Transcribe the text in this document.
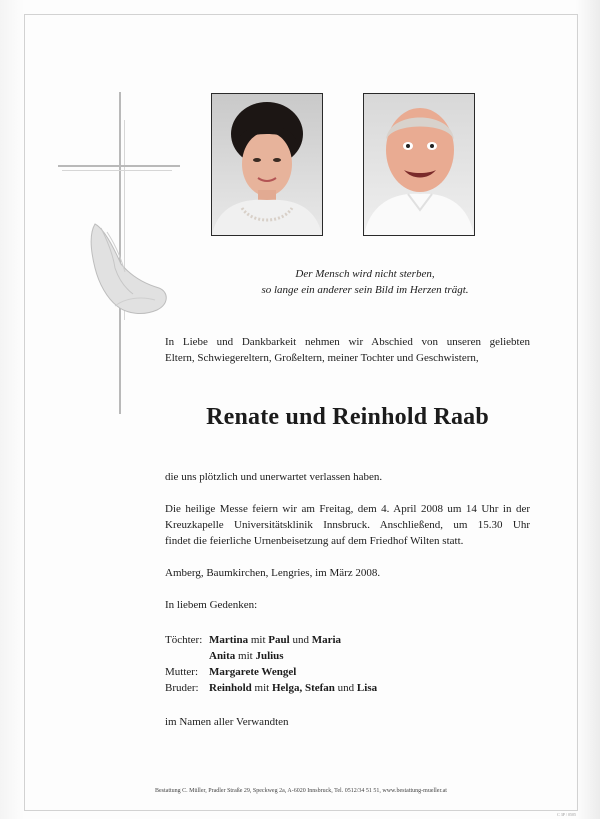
Der Mensch wird nicht sterben,
so lange ein anderer sein Bild im Herzen trägt.

In Liebe und Dankbarkeit nehmen wir Abschied von unseren geliebten
Eltern, Schwiegereltern, Großeltern, meiner Tochter und Geschwistern,

Renate und Reinhold Raab

die uns plötzlich und unerwartet verlassen haben.

Die heilige Messe feiern wir am Freitag, dem 4. April 2008 um 14 Uhr in der
Kreuzkapelle Universitätsklinik Innsbruck. Anschließend, um 15.30 Uhr
findet die feierliche Urnenbeisetzung auf dem Friedhof Wilten statt.

Amberg, Baumkirchen, Lengries, im März 2008.

In liebem Gedenken:

Töchter:	Martina mit Paul und Maria
	Anita mit Julius
Mutter:	Margarete Wengel
Bruder:	Reinhold mit Helga, Stefan und Lisa

im Namen aller Verwandten

Bestattung C. Müller, Pradler Straße 29, Speckweg 2a, A-6020 Innsbruck, Tel. 0512/34 51 51, www.bestattung-mueller.at
C 3P / 0505
